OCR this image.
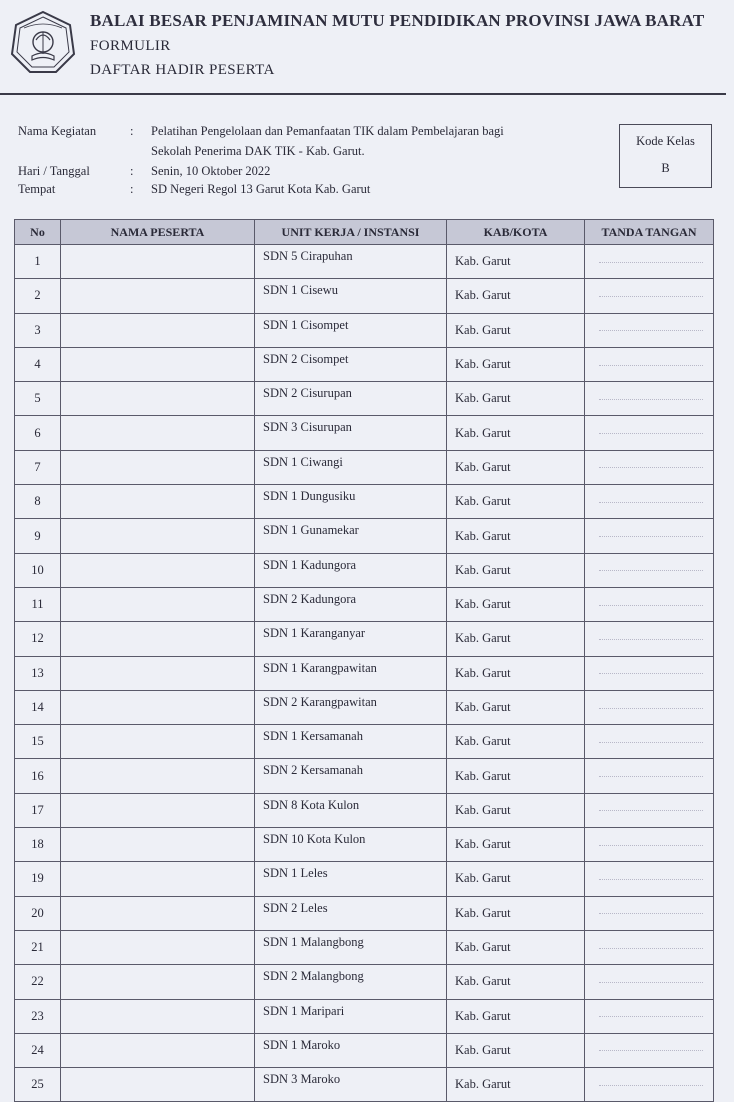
BALAI BESAR PENJAMINAN MUTU PENDIDIKAN PROVINSI JAWA BARAT
FORMULIR
DAFTAR HADIR PESERTA
Nama Kegiatan	: Pelatihan Pengelolaan dan Pemanfaatan TIK dalam Pembelajaran bagi
Sekolah Penerima DAK TIK - Kab. Garut.
Hari / Tanggal	: Senin, 10 Oktober 2022
Tempat	: SD Negeri Regol 13 Garut Kota Kab. Garut
Kode Kelas
B
No	NAMA PESERTA	UNIT KERJA / INSTANSI	KAB/KOTA	TANDA TANGAN
1		SDN 5 Cirapuhan	Kab. Garut	

2		SDN 1 Cisewu	Kab. Garut	

3		SDN 1 Cisompet	Kab. Garut	

4		SDN 2 Cisompet	Kab. Garut	

5		SDN 2 Cisurupan	Kab. Garut	

6		SDN 3 Cisurupan	Kab. Garut	

7		SDN 1 Ciwangi	Kab. Garut	

8		SDN 1 Dungusiku	Kab. Garut	

9		SDN 1 Gunamekar	Kab. Garut	

10		SDN 1 Kadungora	Kab. Garut	

11		SDN 2 Kadungora	Kab. Garut	

12		SDN 1 Karanganyar	Kab. Garut	

13		SDN 1 Karangpawitan	Kab. Garut	

14		SDN 2 Karangpawitan	Kab. Garut	

15		SDN 1 Kersamanah	Kab. Garut	

16		SDN 2 Kersamanah	Kab. Garut	

17		SDN 8 Kota Kulon	Kab. Garut	

18		SDN 10 Kota Kulon	Kab. Garut	

19		SDN 1 Leles	Kab. Garut	

20		SDN 2 Leles	Kab. Garut	

21		SDN 1 Malangbong	Kab. Garut	

22		SDN 2 Malangbong	Kab. Garut	

23		SDN 1 Maripari	Kab. Garut	

24		SDN 1 Maroko	Kab. Garut	

25		SDN 3 Maroko	Kab. Garut	
